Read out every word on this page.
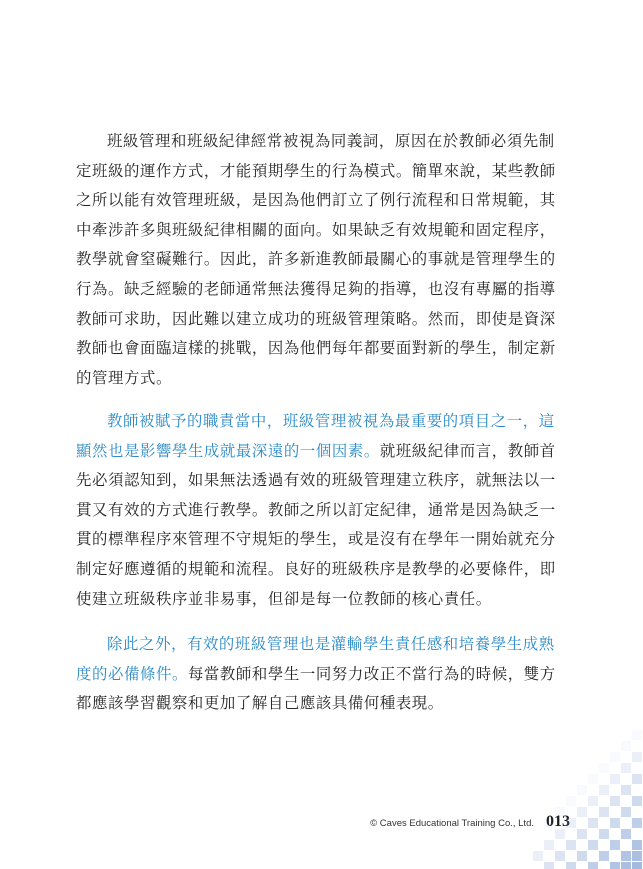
班級管理和班級紀律經常被視為同義詞，原因在於教師必須先制
定班級的運作方式，才能預期學生的行為模式。簡單來說，某些教師
之所以能有效管理班級，是因為他們訂立了例行流程和日常規範，其
中牽涉許多與班級紀律相關的面向。如果缺乏有效規範和固定程序，
教學就會窒礙難行。因此，許多新進教師最關心的事就是管理學生的
行為。缺乏經驗的老師通常無法獲得足夠的指導，也沒有專屬的指導
教師可求助，因此難以建立成功的班級管理策略。然而，即使是資深
教師也會面臨這樣的挑戰，因為他們每年都要面對新的學生，制定新
的管理方式。
教師被賦予的職責當中，班級管理被視為最重要的項目之一，這
顯然也是影響學生成就最深遠的一個因素。就班級紀律而言，教師首
先必須認知到，如果無法透過有效的班級管理建立秩序，就無法以一
貫又有效的方式進行教學。教師之所以訂定紀律，通常是因為缺乏一
貫的標準程序來管理不守規矩的學生，或是沒有在學年一開始就充分
制定好應遵循的規範和流程。良好的班級秩序是教學的必要條件，即
使建立班級秩序並非易事，但卻是每一位教師的核心責任。
除此之外，有效的班級管理也是灌輸學生責任感和培養學生成熟
度的必備條件。每當教師和學生一同努力改正不當行為的時候，雙方
都應該學習觀察和更加了解自己應該具備何種表現。
© Caves Educational Training Co., Ltd. 013
